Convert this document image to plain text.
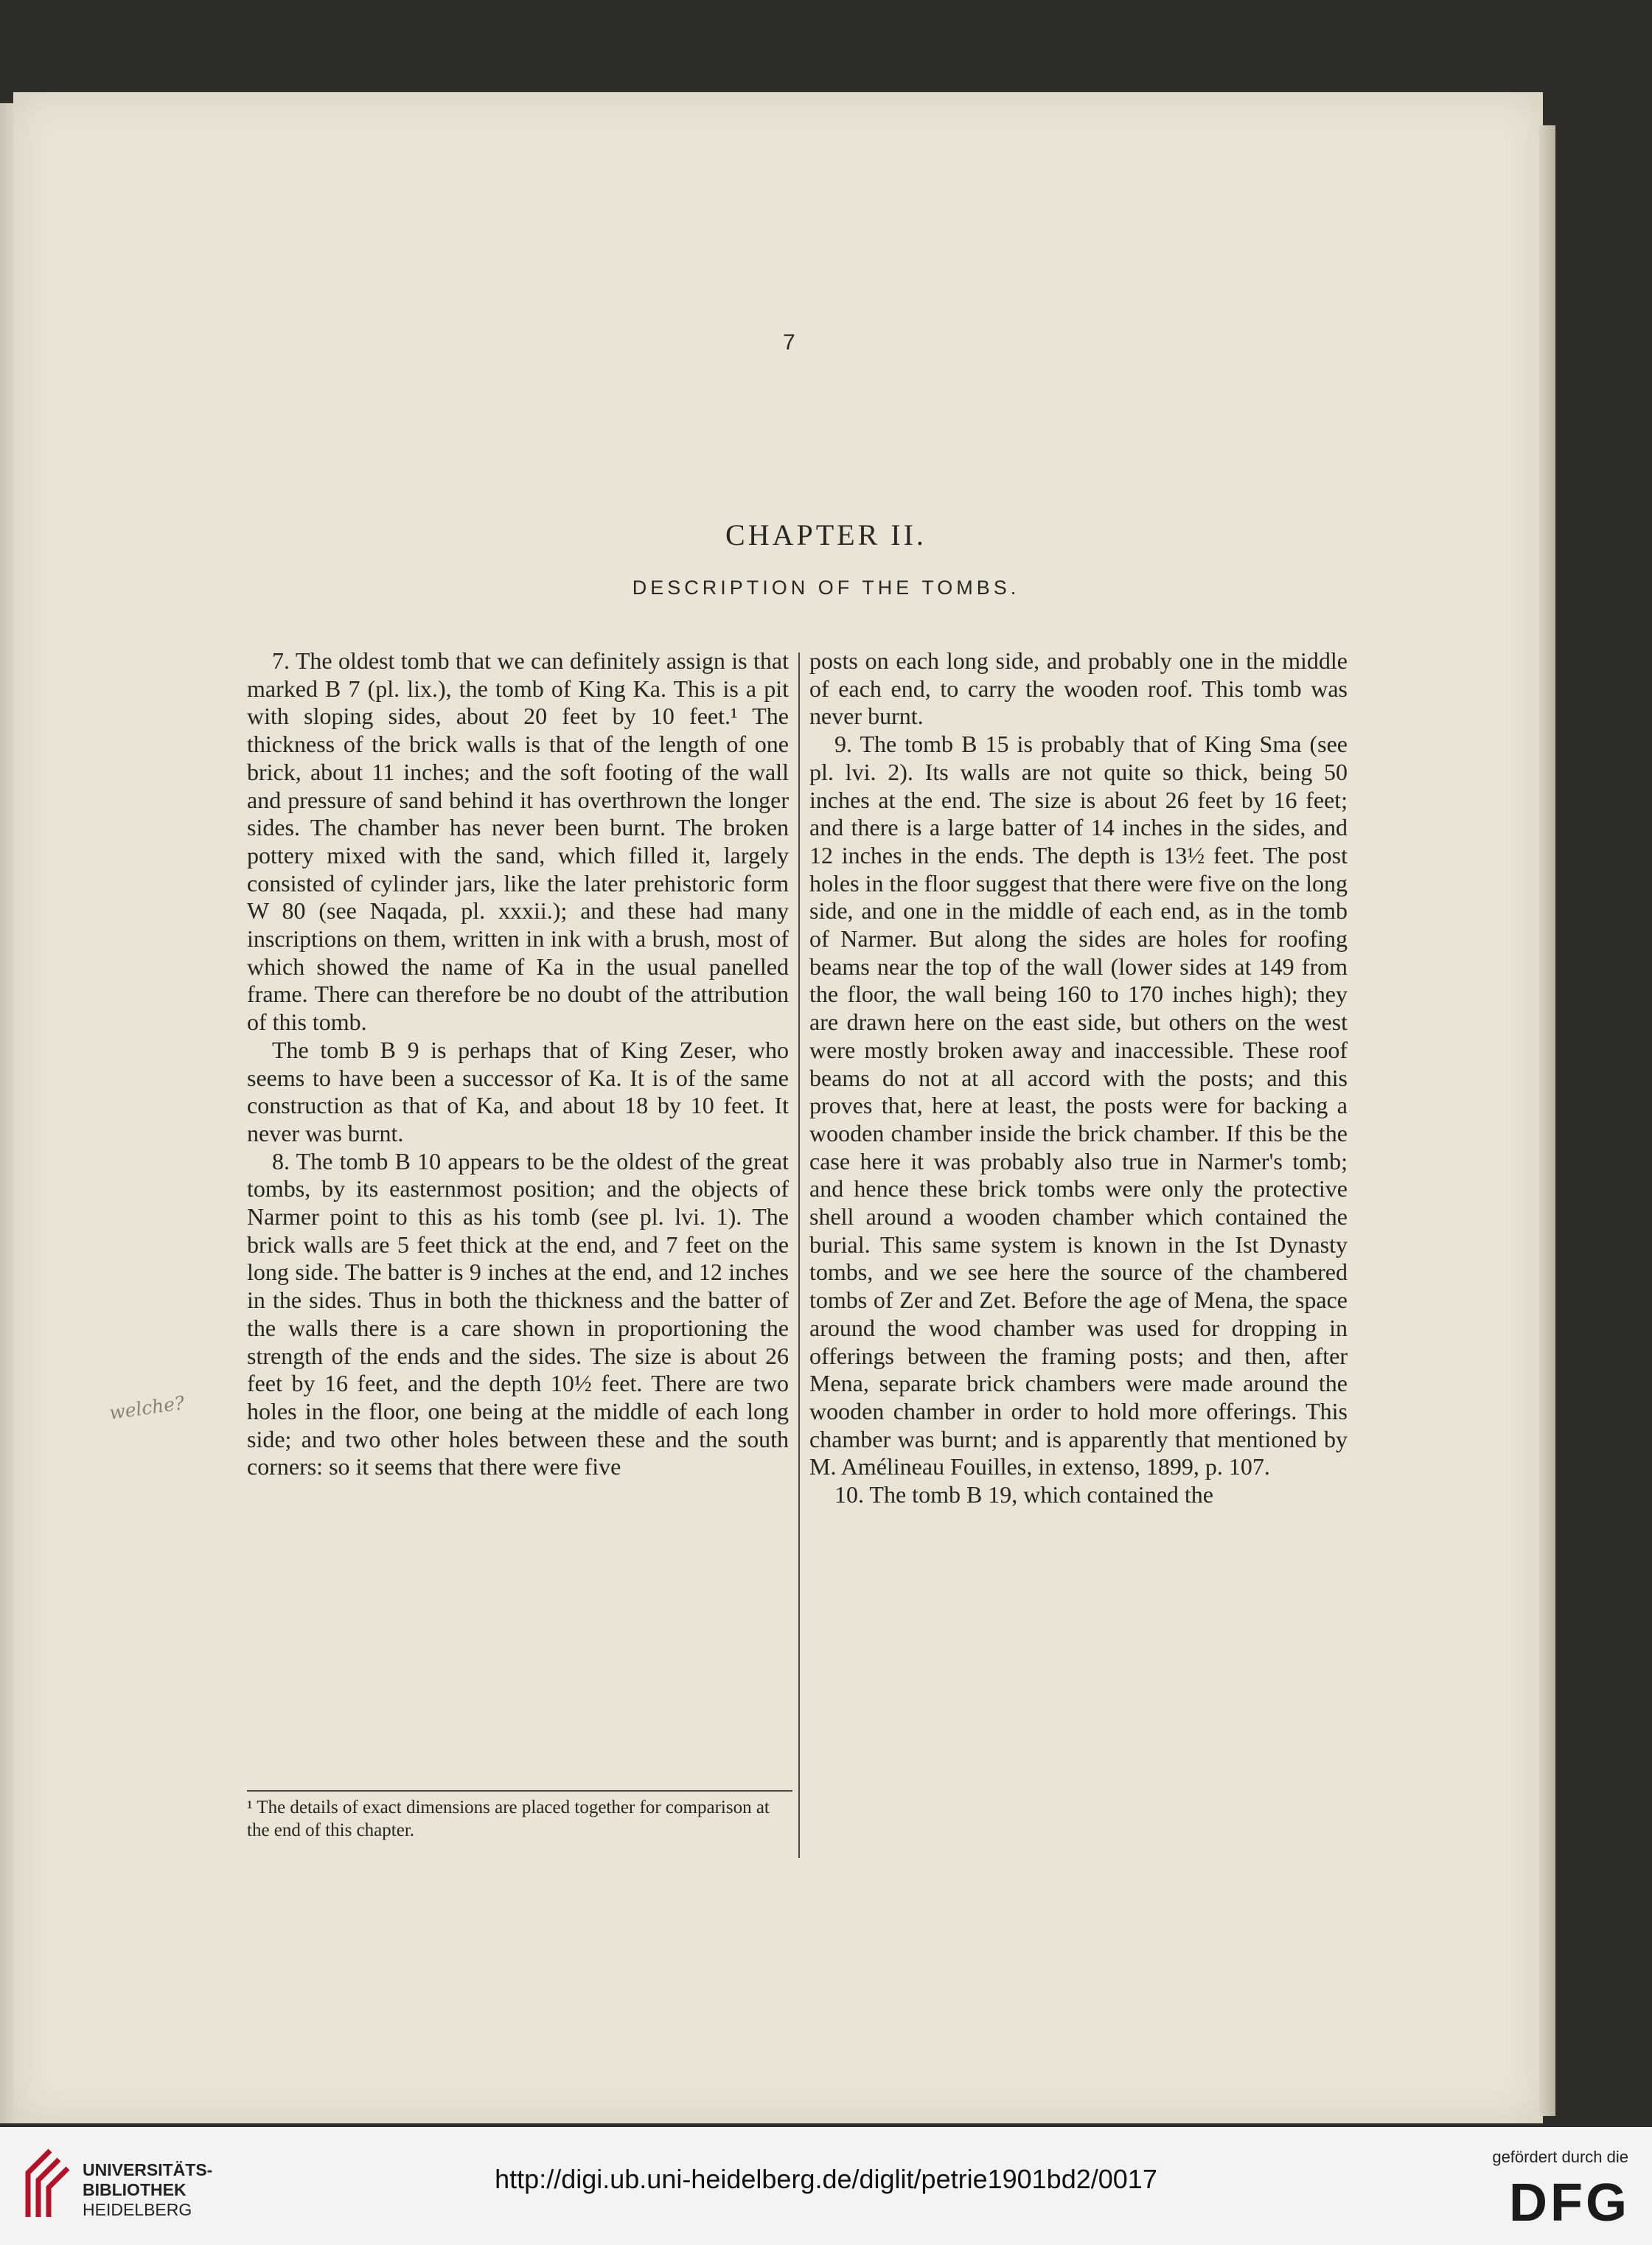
7
CHAPTER II.
DESCRIPTION OF THE TOMBS.

7. The oldest tomb that we can definitely assign is that marked B 7 (pl. lix.), the tomb of King Ka. This is a pit with sloping sides, about 20 feet by 10 feet.¹ The thickness of the brick walls is that of the length of one brick, about 11 inches; and the soft footing of the wall and pressure of sand behind it has overthrown the longer sides. The chamber has never been burnt. The broken pottery mixed with the sand, which filled it, largely consisted of cylinder jars, like the later prehistoric form W 80 (see Naqada, pl. xxxii.); and these had many inscriptions on them, written in ink with a brush, most of which showed the name of Ka in the usual panelled frame. There can therefore be no doubt of the attribution of this tomb.

The tomb B 9 is perhaps that of King Zeser, who seems to have been a successor of Ka. It is of the same construction as that of Ka, and about 18 by 10 feet. It never was burnt.

8. The tomb B 10 appears to be the oldest of the great tombs, by its easternmost position; and the objects of Narmer point to this as his tomb (see pl. lvi. 1). The brick walls are 5 feet thick at the end, and 7 feet on the long side. The batter is 9 inches at the end, and 12 inches in the sides. Thus in both the thickness and the batter of the walls there is a care shown in proportioning the strength of the ends and the sides. The size is about 26 feet by 16 feet, and the depth 10½ feet. There are two holes in the floor, one being at the middle of each long side; and two other holes between these and the south corners: so it seems that there were five

¹ The details of exact dimensions are placed together for comparison at the end of this chapter.

posts on each long side, and probably one in the middle of each end, to carry the wooden roof. This tomb was never burnt.

9. The tomb B 15 is probably that of King Sma (see pl. lvi. 2). Its walls are not quite so thick, being 50 inches at the end. The size is about 26 feet by 16 feet; and there is a large batter of 14 inches in the sides, and 12 inches in the ends. The depth is 13½ feet. The post holes in the floor suggest that there were five on the long side, and one in the middle of each end, as in the tomb of Narmer. But along the sides are holes for roofing beams near the top of the wall (lower sides at 149 from the floor, the wall being 160 to 170 inches high); they are drawn here on the east side, but others on the west were mostly broken away and inaccessible. These roof beams do not at all accord with the posts; and this proves that, here at least, the posts were for backing a wooden chamber inside the brick chamber. If this be the case here it was probably also true in Narmer's tomb; and hence these brick tombs were only the protective shell around a wooden chamber which contained the burial. This same system is known in the Ist Dynasty tombs, and we see here the source of the chambered tombs of Zer and Zet. Before the age of Mena, the space around the wood chamber was used for dropping in offerings between the framing posts; and then, after Mena, separate brick chambers were made around the wooden chamber in order to hold more offerings. This chamber was burnt; and is apparently that mentioned by M. Amélineau Fouilles, in extenso, 1899, p. 107.

10. The tomb B 19, which contained the

welche?
UNIVERSITÄTS-
BIBLIOTHEK
HEIDELBERG
http://digi.ub.uni-heidelberg.de/diglit/petrie1901bd2/0017
gefördert durch die
DFG
